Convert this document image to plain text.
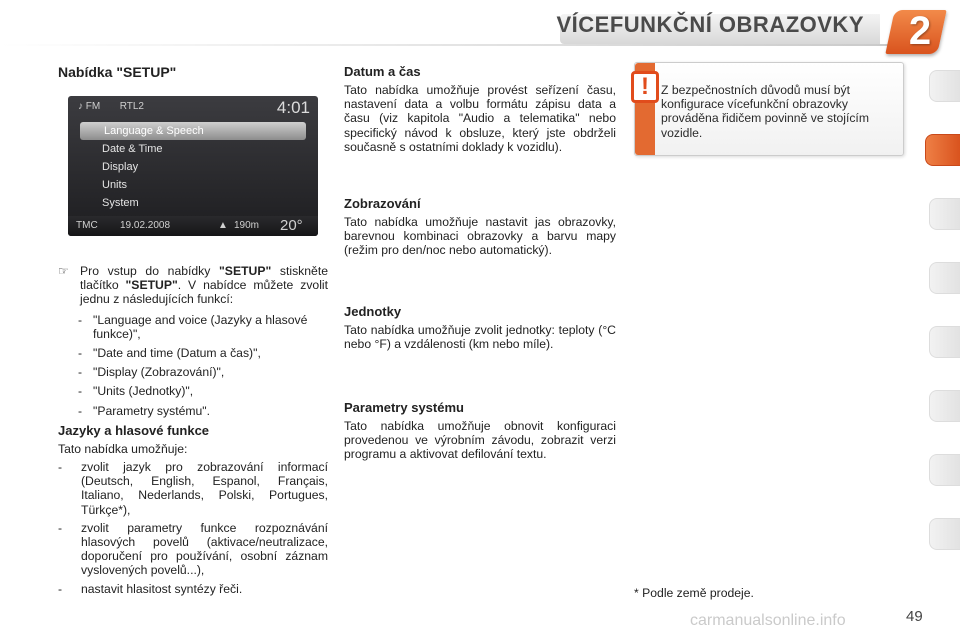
VÍCEFUNKČNÍ OBRAZOVKY 2
Nabídka "SETUP"

☞ Pro vstup do nabídky "SETUP" stiskněte tlačítko "SETUP". V nabídce můžete zvolit jednu z následujících funkcí:

- "Language and voice (Jazyky a hlasové funkce)",
- "Date and time (Datum a čas)",
- "Display (Zobrazování)",
- "Units (Jednotky)",
- "Parametry systému".
Jazyky a hlasové funkce

Tato nabídka umožňuje:

- zvolit jazyk pro zobrazování informací (Deutsch, English, Espanol, Français, Italiano, Nederlands, Polski, Portugues, Türkçe*),
- zvolit parametry funkce rozpoznávání hlasových povelů (aktivace/neutralizace, doporučení pro používání, osobní záznam vyslovených povelů...),
- nastavit hlasitost syntézy řeči.
♪ FM RTL2	4:01
Language & Speech
Date & Time
Display
Units
System
TMC 19.02.2008	▲ 190m 20°
Datum a čas

Tato nabídka umožňuje provést seřízení času, nastavení data a volbu formátu zápisu data a času (viz kapitola "Audio a telematika" nebo specifický návod k obsluze, který jste obdrželi současně s ostatními doklady k vozidlu).

Zobrazování

Tato nabídka umožňuje nastavit jas obrazovky, barevnou kombinaci obrazovky a barvu mapy (režim pro den/noc nebo automatický).

Jednotky

Tato nabídka umožňuje zvolit jednotky: teploty (°C nebo °F) a vzdálenosti (km nebo míle).

Parametry systému

Tato nabídka umožňuje obnovit konfiguraci provedenou ve výrobním závodu, zobrazit verzi programu a aktivovat defilování textu.

! Z bezpečnostních důvodů musí být konfigurace vícefunkční obrazovky prováděna řidičem povinně ve stojícím vozidle.
* Podle země prodeje.
carmanualsonline.info	49
